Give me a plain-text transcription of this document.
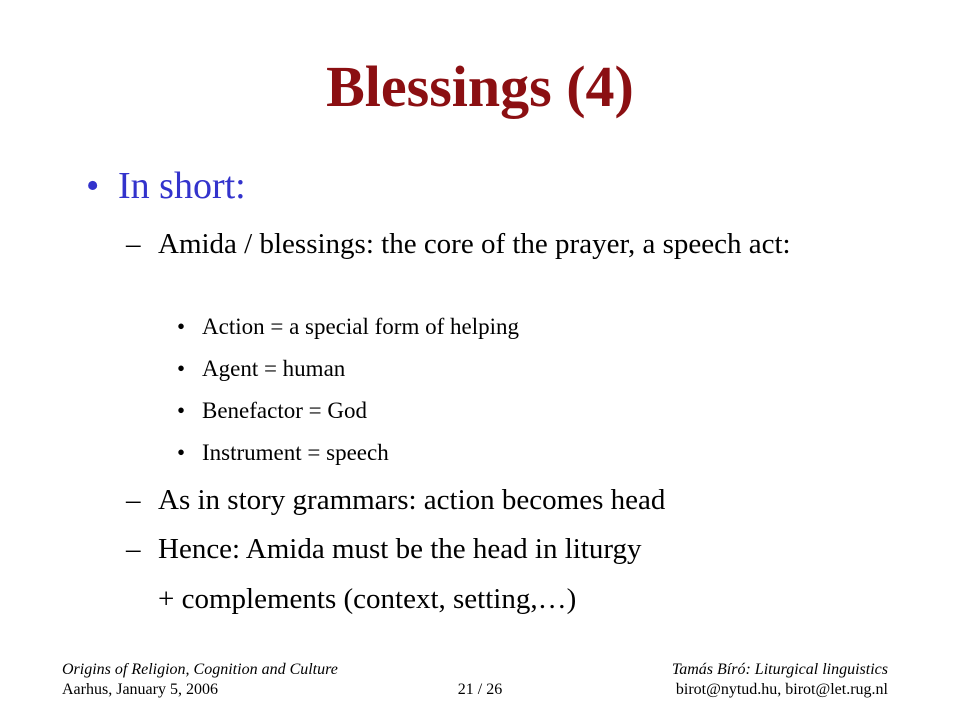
Blessings (4)
• In short:
– Amida / blessings: the core of the prayer, a speech act:
• Action = a special form of helping
• Agent = human
• Benefactor = God
• Instrument = speech
– As in story grammars: action becomes head
– Hence: Amida must be the head in liturgy
+ complements (context, setting,…)
Origins of Religion, Cognition and Culture
Aarhus, January 5, 2006	21 / 26
Tamás Bíró: Liturgical linguistics
birot@nytud.hu, birot@let.rug.nl
